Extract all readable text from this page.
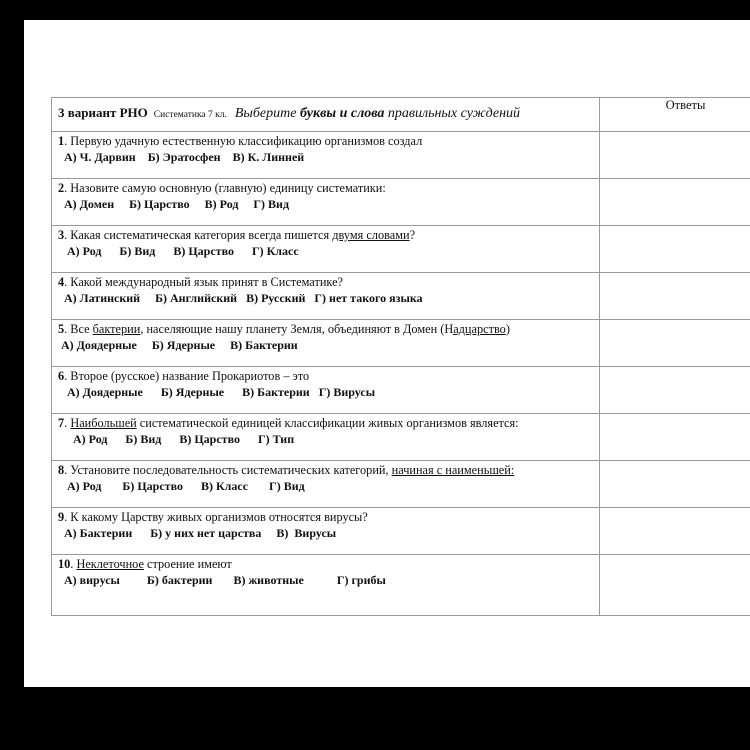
3 вариант РНО Систематика 7 кл. Выберите буквы и слова правильных суждений	Ответы

1. Первую удачную естественную классификацию организмов создал
А) Ч. Дарвин    Б) Эратосфен    В) К. Линней	

2. Назовите самую основную (главную) единицу систематики:
А) Домен     Б) Царство     В) Род     Г) Вид	

3. Какая систематическая категория всегда пишется двумя словами?
А) Род      Б) Вид      В) Царство      Г) Класс	

4. Какой международный язык принят в Систематике?
А) Латинский     Б) Английский   В) Русский   Г) нет такого языка	

5. Все бактерии, населяющие нашу планету Земля, объединяют в Домен (Надцарство)
А) Доядерные     Б) Ядерные     В) Бактерии	

6. Второе (русское) название Прокариотов – это
А) Доядерные      Б) Ядерные      В) Бактерии   Г) Вирусы	

7. Наибольшей систематической единицей классификации живых организмов является:
А) Род      Б) Вид      В) Царство      Г) Тип	

8. Установите последовательность систематических категорий, начиная с наименьшей:
А) Род       Б) Царство      В) Класс       Г) Вид	

9. К какому Царству живых организмов относятся вирусы?
А) Бактерии      Б) у них нет царства     В)  Вирусы	

10. Неклеточное строение имеют
А) вирусы         Б) бактерии       В) животные           Г) грибы	
